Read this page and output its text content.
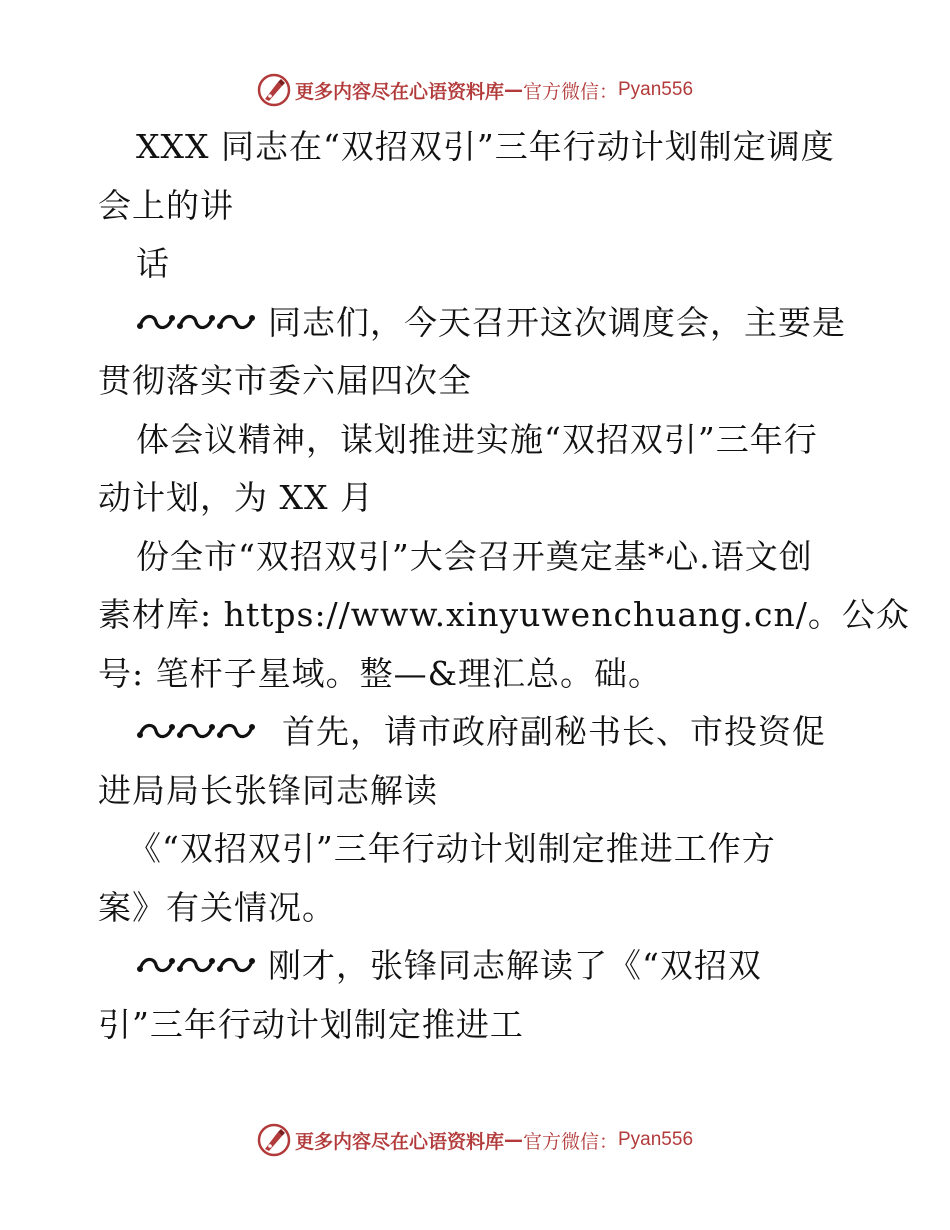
更多内容尽在心语资料库 — 官方微信： Pyan556
XXX 同志在“双招双引”三年行动计划制定调度
会上的讲
话
同志们，今天召开这次调度会，主要是
贯彻落实市委六届四次全
体会议精神，谋划推进实施“双招双引”三年行
动计划，为 XX 月
份全市“双招双引”大会召开奠定基*心.语文创
素材库: https://www.xinyuwenchuang.cn/。公众
号: 笔杆子星域。整—&理汇总。础。
首先，请市政府副秘书长、市投资促
进局局长张锋同志解读
《“双招双引”三年行动计划制定推进工作方
案》有关情况。
刚才，张锋同志解读了《“双招双
引”三年行动计划制定推进工
更多内容尽在心语资料库 — 官方微信： Pyan556
